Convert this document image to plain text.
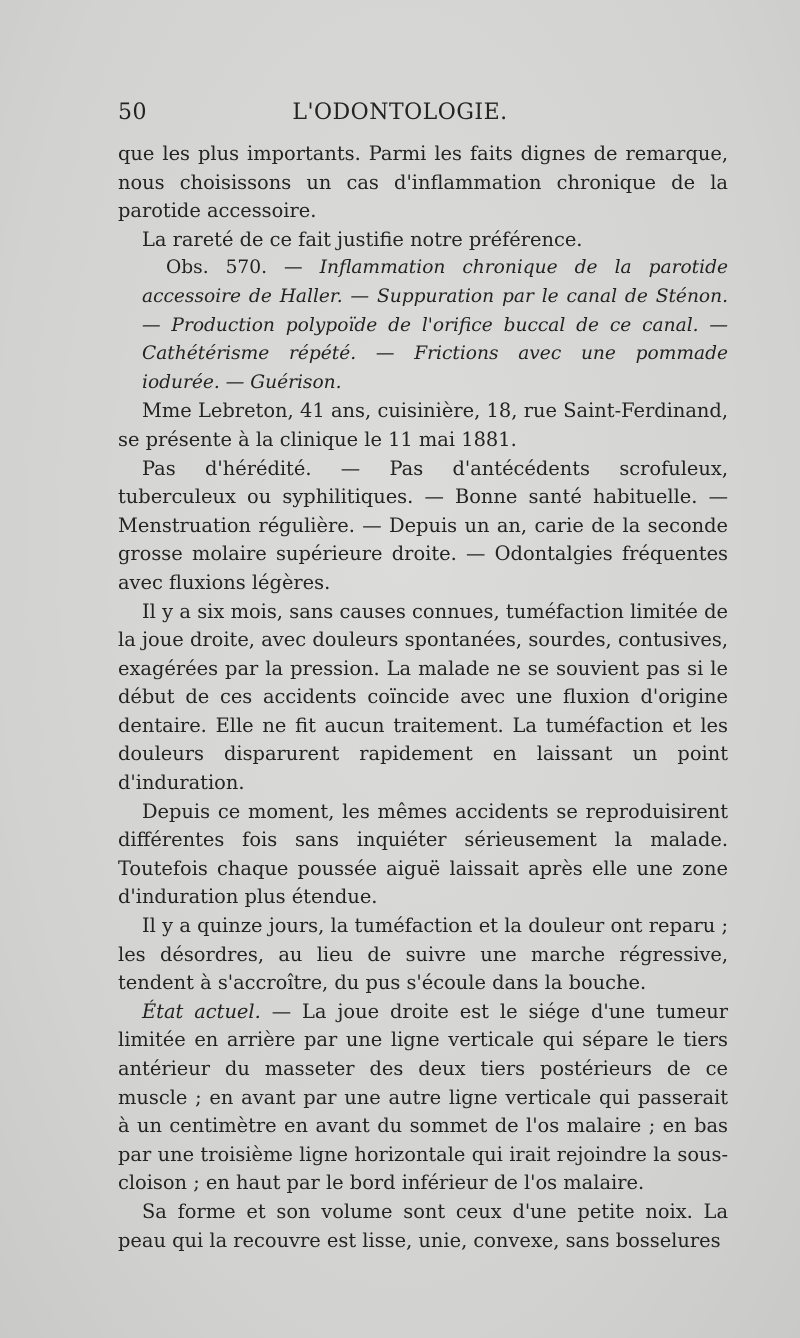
50	L'ODONTOLOGIE.

que les plus importants. Parmi les faits dignes de remarque, nous choisissons un cas d'inflammation chronique de la parotide accessoire.

La rareté de ce fait justifie notre préférence.

Obs. 570. — Inflammation chronique de la parotide accessoire de Haller. — Suppuration par le canal de Sténon. — Production polypoïde de l'orifice buccal de ce canal. — Cathétérisme répété. — Frictions avec une pommade iodurée. — Guérison.

Mme Lebreton, 41 ans, cuisinière, 18, rue Saint-Ferdinand, se présente à la clinique le 11 mai 1881.

Pas d'hérédité. — Pas d'antécédents scrofuleux, tuberculeux ou syphilitiques. — Bonne santé habituelle. — Menstruation régulière. — Depuis un an, carie de la seconde grosse molaire supérieure droite. — Odontalgies fréquentes avec fluxions légères.

Il y a six mois, sans causes connues, tuméfaction limitée de la joue droite, avec douleurs spontanées, sourdes, contusives, exagérées par la pression. La malade ne se souvient pas si le début de ces accidents coïncide avec une fluxion d'origine dentaire. Elle ne fit aucun traitement. La tuméfaction et les douleurs disparurent rapidement en laissant un point d'induration.

Depuis ce moment, les mêmes accidents se reproduisirent différentes fois sans inquiéter sérieusement la malade. Toutefois chaque poussée aiguë laissait après elle une zone d'induration plus étendue.

Il y a quinze jours, la tuméfaction et la douleur ont reparu ; les désordres, au lieu de suivre une marche régressive, tendent à s'accroître, du pus s'écoule dans la bouche.

État actuel. — La joue droite est le siége d'une tumeur limitée en arrière par une ligne verticale qui sépare le tiers antérieur du masseter des deux tiers postérieurs de ce muscle ; en avant par une autre ligne verticale qui passerait à un centimètre en avant du sommet de l'os malaire ; en bas par une troisième ligne horizontale qui irait rejoindre la sous-cloison ; en haut par le bord inférieur de l'os malaire.

Sa forme et son volume sont ceux d'une petite noix. La peau qui la recouvre est lisse, unie, convexe, sans bosselures
